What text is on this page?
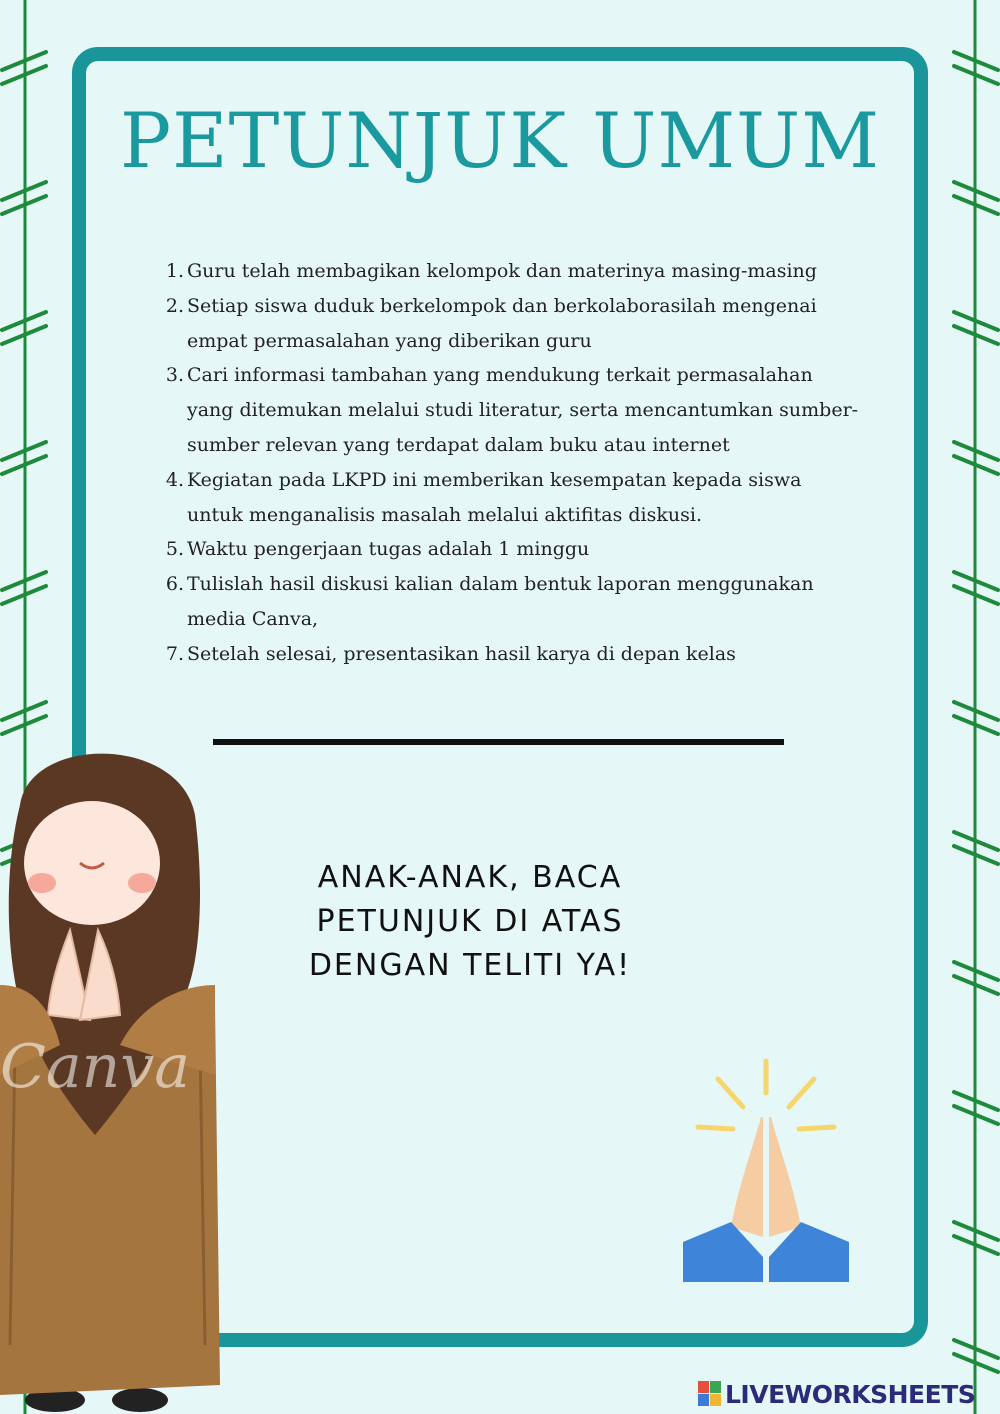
PETUNJUK UMUM
1. Guru telah membagikan kelompok dan materinya masing-masing
2. Setiap siswa duduk berkelompok dan berkolaborasilah mengenai empat permasalahan yang diberikan guru
3. Cari informasi tambahan yang mendukung terkait permasalahan yang ditemukan melalui studi literatur, serta mencantumkan sumber-sumber relevan yang terdapat dalam buku atau internet
4. Kegiatan pada LKPD ini memberikan kesempatan kepada siswa untuk menganalisis masalah melalui aktifitas diskusi.
5. Waktu pengerjaan tugas adalah 1 minggu
6. Tulislah hasil diskusi kalian dalam bentuk laporan menggunakan media Canva,
7. Setelah selesai, presentasikan hasil karya di depan kelas
ANAK-ANAK, BACA
PETUNJUK DI ATAS
DENGAN TELITI YA!
Canva
LIVEWORKSHEETS
